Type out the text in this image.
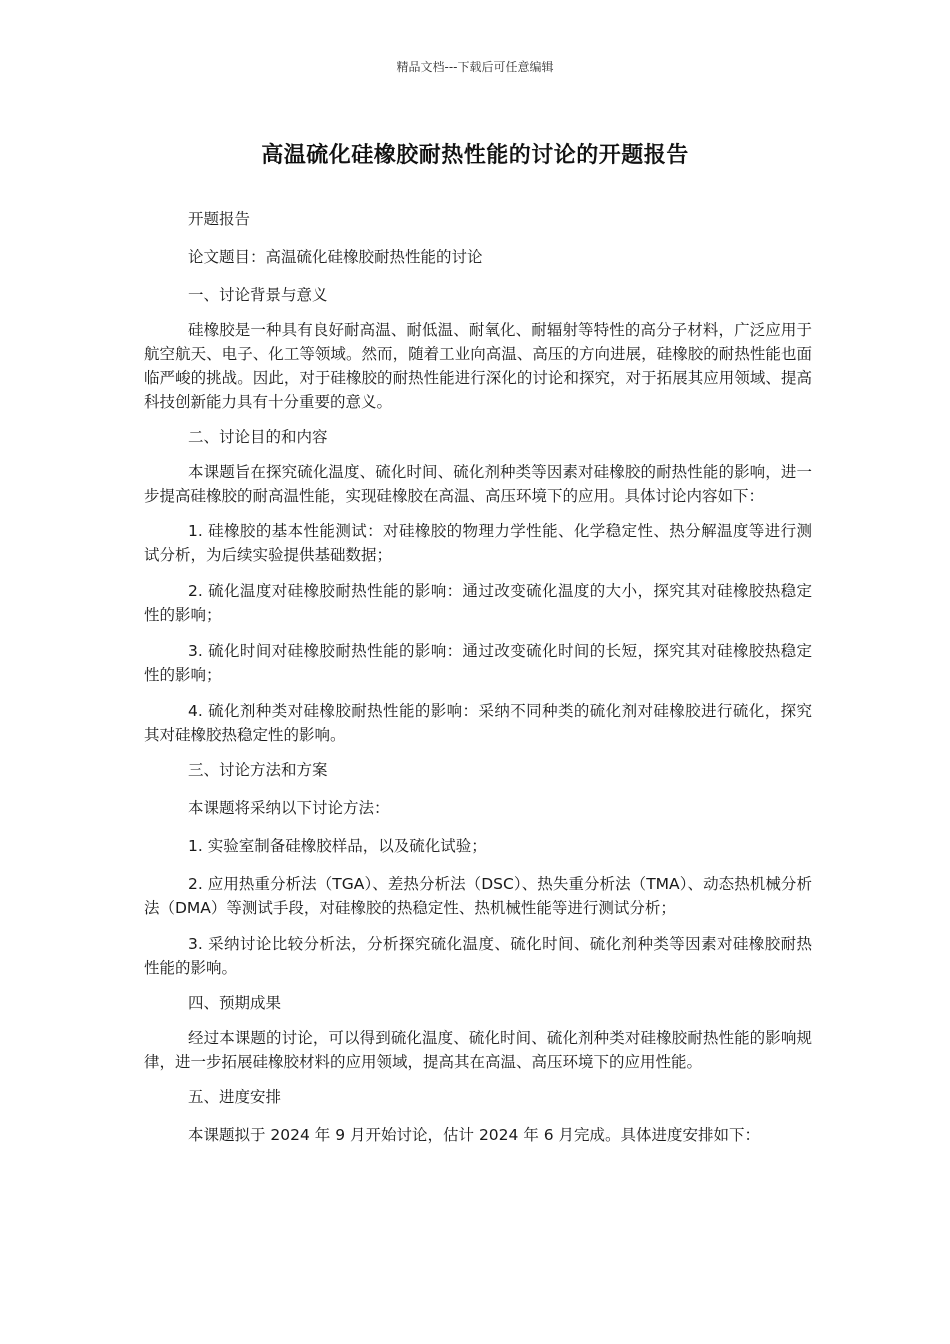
精品文档---下载后可任意编辑
高温硫化硅橡胶耐热性能的讨论的开题报告

开题报告

论文题目：高温硫化硅橡胶耐热性能的讨论

一、讨论背景与意义

硅橡胶是一种具有良好耐高温、耐低温、耐氧化、耐辐射等特性的高分子材料，广泛应用于航空航天、电子、化工等领域。然而，随着工业向高温、高压的方向进展，硅橡胶的耐热性能也面临严峻的挑战。因此，对于硅橡胶的耐热性能进行深化的讨论和探究，对于拓展其应用领域、提高科技创新能力具有十分重要的意义。

二、讨论目的和内容

本课题旨在探究硫化温度、硫化时间、硫化剂种类等因素对硅橡胶的耐热性能的影响，进一步提高硅橡胶的耐高温性能，实现硅橡胶在高温、高压环境下的应用。具体讨论内容如下：

1. 硅橡胶的基本性能测试：对硅橡胶的物理力学性能、化学稳定性、热分解温度等进行测试分析，为后续实验提供基础数据；

2. 硫化温度对硅橡胶耐热性能的影响：通过改变硫化温度的大小，探究其对硅橡胶热稳定性的影响；

3. 硫化时间对硅橡胶耐热性能的影响：通过改变硫化时间的长短，探究其对硅橡胶热稳定性的影响；

4. 硫化剂种类对硅橡胶耐热性能的影响：采纳不同种类的硫化剂对硅橡胶进行硫化，探究其对硅橡胶热稳定性的影响。

三、讨论方法和方案

本课题将采纳以下讨论方法：

1. 实验室制备硅橡胶样品，以及硫化试验；

2. 应用热重分析法（TGA）、差热分析法（DSC）、热失重分析法（TMA）、动态热机械分析法（DMA）等测试手段，对硅橡胶的热稳定性、热机械性能等进行测试分析；

3. 采纳讨论比较分析法，分析探究硫化温度、硫化时间、硫化剂种类等因素对硅橡胶耐热性能的影响。

四、预期成果

经过本课题的讨论，可以得到硫化温度、硫化时间、硫化剂种类对硅橡胶耐热性能的影响规律，进一步拓展硅橡胶材料的应用领域，提高其在高温、高压环境下的应用性能。

五、进度安排

本课题拟于 2024 年 9 月开始讨论，估计 2024 年 6 月完成。具体进度安排如下：
